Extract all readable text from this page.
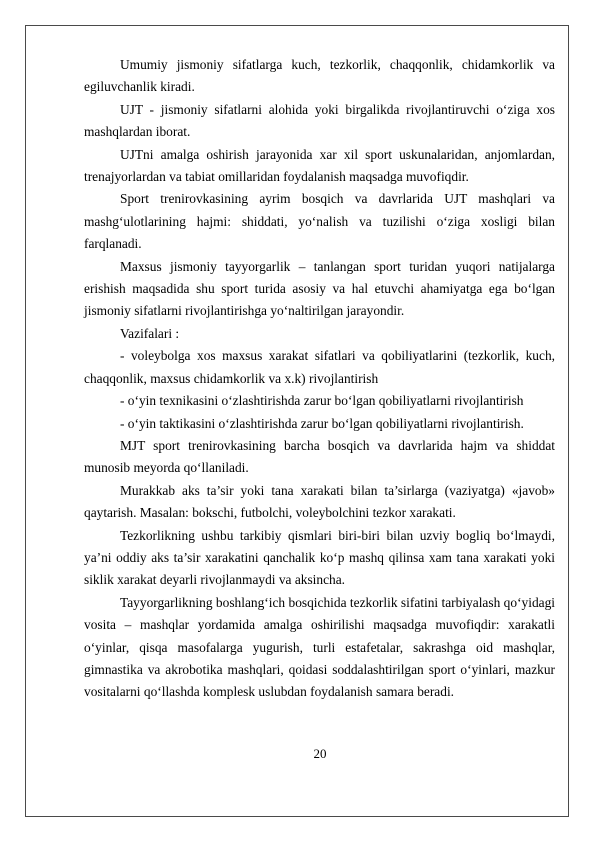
Umumiy jismoniy sifatlarga kuch, tezkorlik, chaqqonlik, chidamkorlik va egiluvchanlik kiradi.

UJT - jismoniy sifatlarni alohida yoki birgalikda rivojlantiruvchi o‘ziga xos mashqlardan iborat.

UJTni amalga oshirish jarayonida xar xil sport uskunalaridan, anjomlardan, trenajyorlardan va tabiat omillaridan foydalanish maqsadga muvofiqdir.

Sport trenirovkasining ayrim bosqich va davrlarida UJT mashqlari va mashg‘ulotlarining hajmi: shiddati, yo‘nalish va tuzilishi o‘ziga xosligi bilan farqlanadi.

Maxsus jismoniy tayyorgarlik – tanlangan sport turidan yuqori natijalarga erishish maqsadida shu sport turida asosiy va hal etuvchi ahamiyatga ega bo‘lgan jismoniy sifatlarni rivojlantirishga yo‘naltirilgan jarayondir.

Vazifalari :

- voleybolga xos maxsus xarakat sifatlari va qobiliyatlarini (tezkorlik, kuch, chaqqonlik, maxsus chidamkorlik va x.k) rivojlantirish

- o‘yin texnikasini o‘zlashtirishda zarur bo‘lgan qobiliyatlarni rivojlantirish

- o‘yin taktikasini o‘zlashtirishda zarur bo‘lgan qobiliyatlarni rivojlantirish.

MJT sport trenirovkasining barcha bosqich va davrlarida hajm va shiddat munosib meyorda qo‘llaniladi.

Murakkab aks ta’sir yoki tana xarakati bilan ta’sirlarga (vaziyatga) «javob» qaytarish. Masalan: bokschi, futbolchi, voleybolchini tezkor xarakati.

Tezkorlikning ushbu tarkibiy qismlari biri-biri bilan uzviy bogliq bo‘lmaydi, ya’ni oddiy aks ta’sir xarakatini qanchalik ko‘p mashq qilinsa xam tana xarakati yoki siklik xarakat deyarli rivojlanmaydi va aksincha.

Tayyorgarlikning boshlang‘ich bosqichida tezkorlik sifatini tarbiyalash qo‘yidagi vosita – mashqlar yordamida amalga oshirilishi maqsadga muvofiqdir: xarakatli o‘yinlar, qisqa masofalarga yugurish, turli estafetalar, sakrashga oid mashqlar, gimnastika va akrobotika mashqlari, qoidasi soddalashtirilgan sport o‘yinlari, mazkur vositalarni qo‘llashda komplesk uslubdan foydalanish samara beradi.

20
